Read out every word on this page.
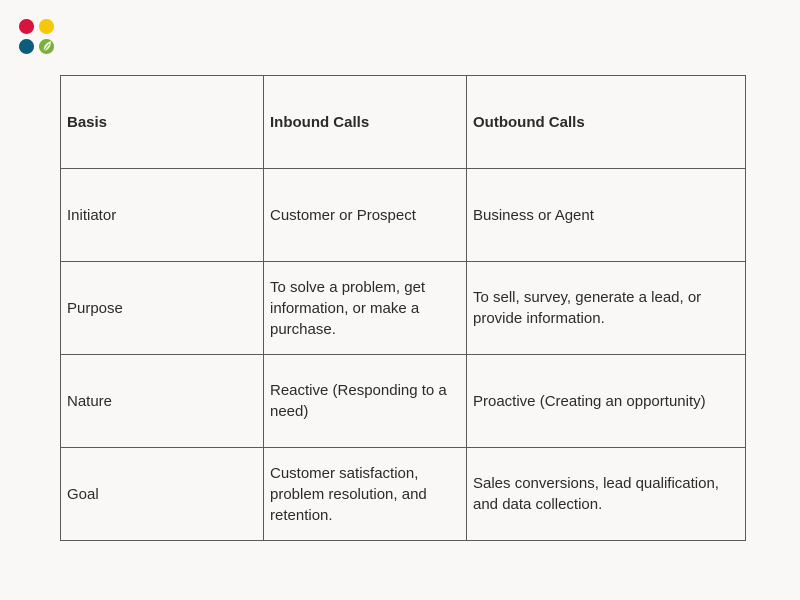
Basis	Inbound Calls	Outbound Calls
Initiator	Customer or Prospect	Business or Agent
Purpose	To solve a problem, get information, or make a purchase.	To sell, survey, generate a lead, or provide information.
Nature	Reactive (Responding to a need)	Proactive (Creating an opportunity)
Goal	Customer satisfaction, problem resolution, and retention.	Sales conversions, lead qualification, and data collection.
